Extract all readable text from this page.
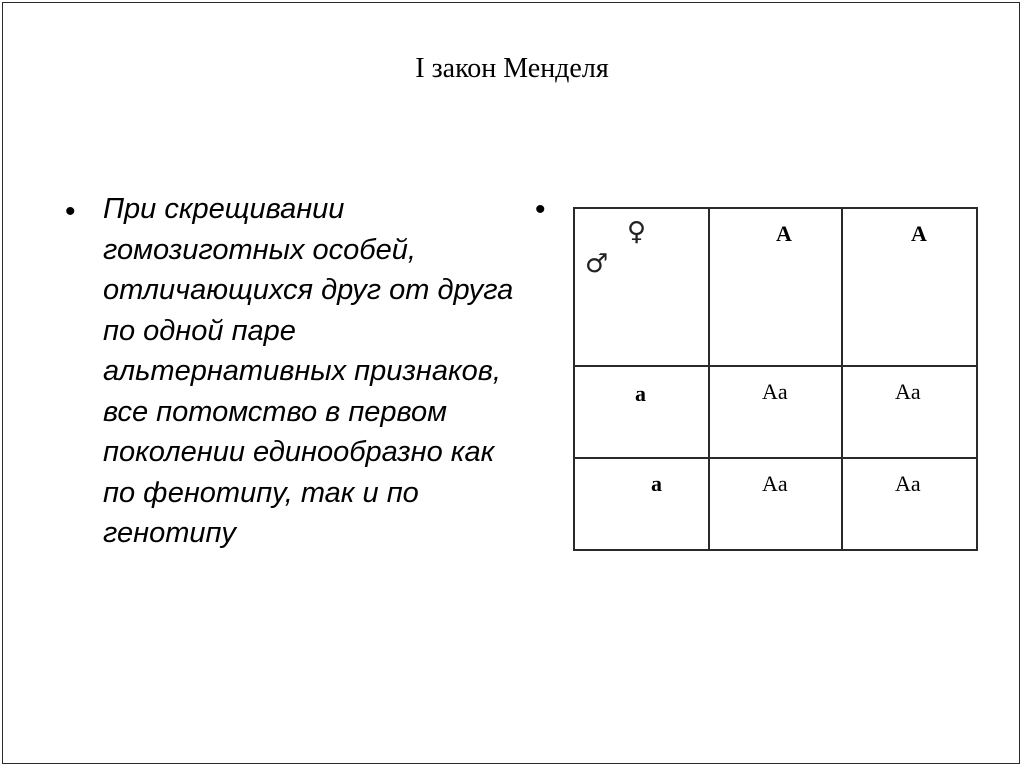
I закон Менделя
• При скрещивании гомозиготных особей, отличающихся друг от друга по одной паре альтернативных признаков, все потомство в первом поколении единообразно как по фенотипу, так и по генотипу
•
♀
♂	A	A

a	Aa	Aa

a	Aa	Aa
